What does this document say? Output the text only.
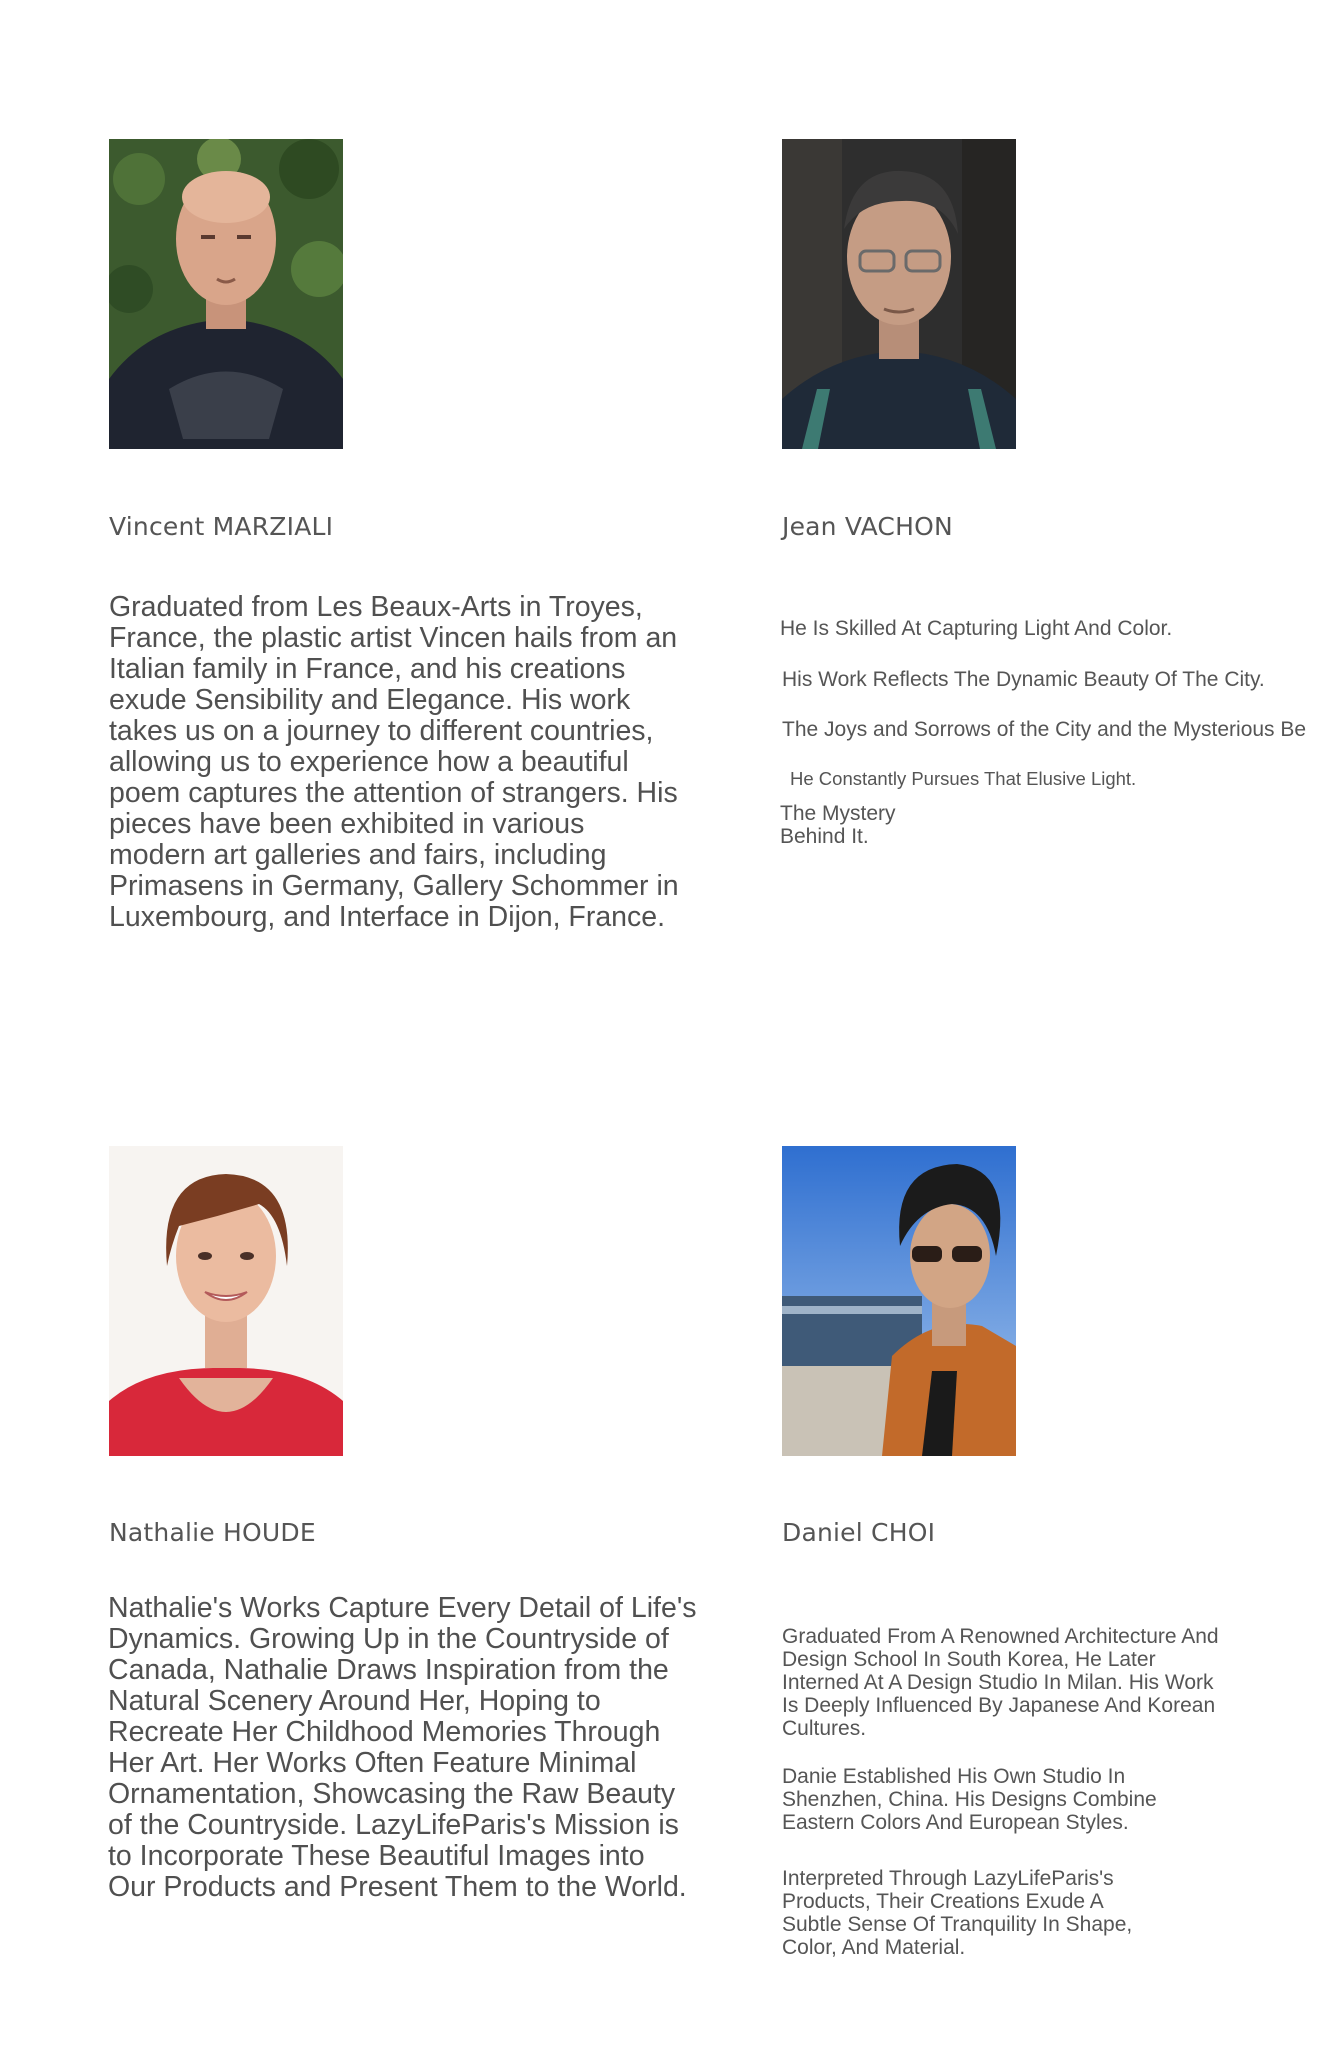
Vincent MARZIALI

Graduated from Les Beaux-Arts in Troyes, France, the plastic artist Vincen hails from an Italian family in France, and his creations exude Sensibility and Elegance. His work takes us on a journey to different countries, allowing us to experience how a beautiful poem captures the attention of strangers. His pieces have been exhibited in various modern art galleries and fairs, including Primasens in Germany, Gallery Schommer in Luxembourg, and Interface in Dijon, France.

Jean VACHON

He Is Skilled At Capturing Light And Color.

His Work Reflects The Dynamic Beauty Of The City.

The Joys and Sorrows of the City and the Mysterious Be

He Constantly Pursues That Elusive Light.

The Mystery

Behind It.

Nathalie HOUDE

Nathalie's Works Capture Every Detail of Life's Dynamics. Growing Up in the Countryside of Canada, Nathalie Draws Inspiration from the Natural Scenery Around Her, Hoping to Recreate Her Childhood Memories Through Her Art. Her Works Often Feature Minimal Ornamentation, Showcasing the Raw Beauty of the Countryside. LazyLifeParis's Mission is to Incorporate These Beautiful Images into Our Products and Present Them to the World.

Daniel CHOI

Graduated From A Renowned Architecture And Design School In South Korea, He Later Interned At A Design Studio In Milan. His Work Is Deeply Influenced By Japanese And Korean Cultures.

Danie Established His Own Studio In Shenzhen, China. His Designs Combine Eastern Colors And European Styles.

Interpreted Through LazyLifeParis's Products, Their Creations Exude A Subtle Sense Of Tranquility In Shape, Color, And Material.
